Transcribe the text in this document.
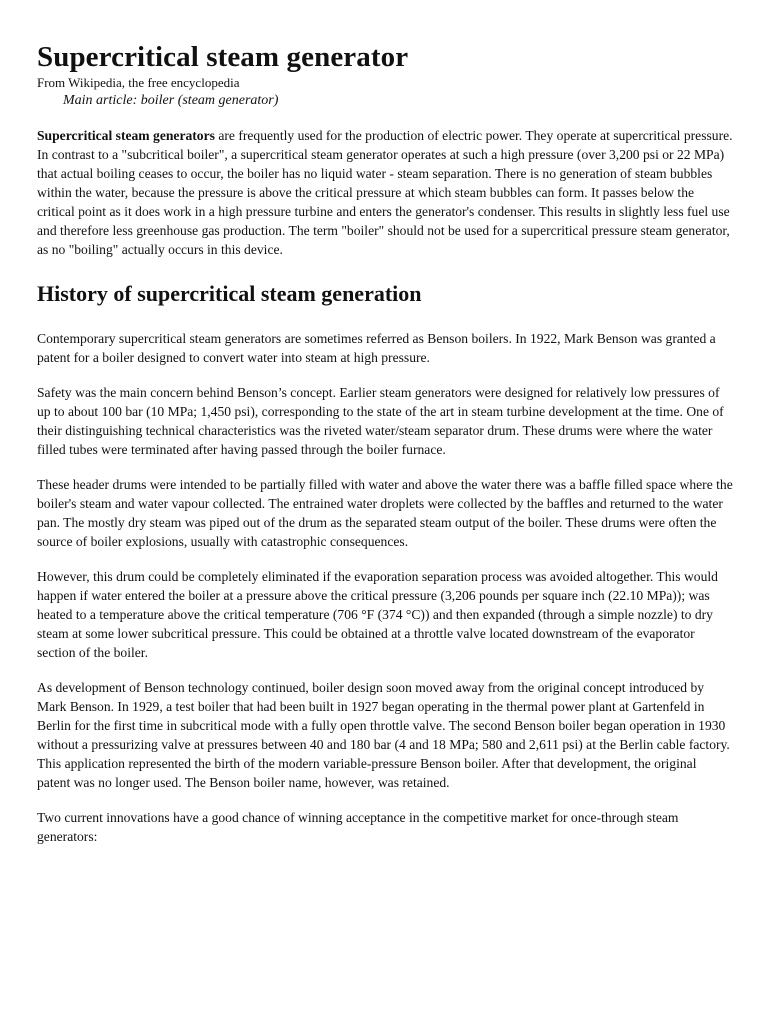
Supercritical steam generator
From Wikipedia, the free encyclopedia
Main article: boiler (steam generator)

Supercritical steam generators are frequently used for the production of electric power. They operate at supercritical pressure. In contrast to a "subcritical boiler", a supercritical steam generator operates at such a high pressure (over 3,200 psi or 22 MPa) that actual boiling ceases to occur, the boiler has no liquid water - steam separation. There is no generation of steam bubbles within the water, because the pressure is above the critical pressure at which steam bubbles can form. It passes below the critical point as it does work in a high pressure turbine and enters the generator's condenser. This results in slightly less fuel use and therefore less greenhouse gas production. The term "boiler" should not be used for a supercritical pressure steam generator, as no "boiling" actually occurs in this device.

History of supercritical steam generation

Contemporary supercritical steam generators are sometimes referred as Benson boilers. In 1922, Mark Benson was granted a patent for a boiler designed to convert water into steam at high pressure.

Safety was the main concern behind Benson’s concept. Earlier steam generators were designed for relatively low pressures of up to about 100 bar (10 MPa; 1,450 psi), corresponding to the state of the art in steam turbine development at the time. One of their distinguishing technical characteristics was the riveted water/steam separator drum. These drums were where the water filled tubes were terminated after having passed through the boiler furnace.

These header drums were intended to be partially filled with water and above the water there was a baffle filled space where the boiler's steam and water vapour collected. The entrained water droplets were collected by the baffles and returned to the water pan. The mostly dry steam was piped out of the drum as the separated steam output of the boiler. These drums were often the source of boiler explosions, usually with catastrophic consequences.

However, this drum could be completely eliminated if the evaporation separation process was avoided altogether. This would happen if water entered the boiler at a pressure above the critical pressure (3,206 pounds per square inch (22.10 MPa)); was heated to a temperature above the critical temperature (706 °F (374 °C)) and then expanded (through a simple nozzle) to dry steam at some lower subcritical pressure. This could be obtained at a throttle valve located downstream of the evaporator section of the boiler.

As development of Benson technology continued, boiler design soon moved away from the original concept introduced by Mark Benson. In 1929, a test boiler that had been built in 1927 began operating in the thermal power plant at Gartenfeld in Berlin for the first time in subcritical mode with a fully open throttle valve. The second Benson boiler began operation in 1930 without a pressurizing valve at pressures between 40 and 180 bar (4 and 18 MPa; 580 and 2,611 psi) at the Berlin cable factory. This application represented the birth of the modern variable-pressure Benson boiler. After that development, the original patent was no longer used. The Benson boiler name, however, was retained.

Two current innovations have a good chance of winning acceptance in the competitive market for once-through steam generators:
